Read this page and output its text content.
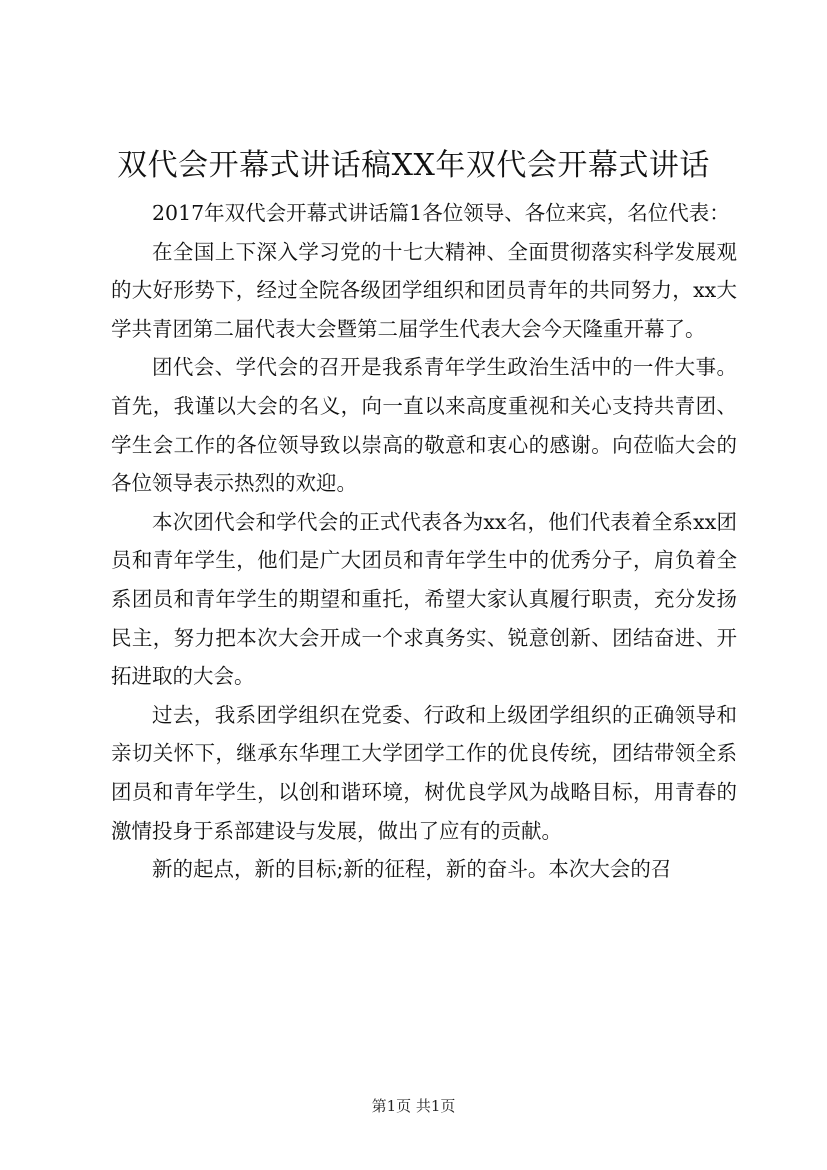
双代会开幕式讲话稿XX年双代会开幕式讲话

2017年双代会开幕式讲话篇1各位领导、各位来宾，名位代表：

在全国上下深入学习党的十七大精神、全面贯彻落实科学发展观的大好形势下，经过全院各级团学组织和团员青年的共同努力，xx大学共青团第二届代表大会暨第二届学生代表大会今天隆重开幕了。

团代会、学代会的召开是我系青年学生政治生活中的一件大事。首先，我谨以大会的名义，向一直以来高度重视和关心支持共青团、学生会工作的各位领导致以崇高的敬意和衷心的感谢。向莅临大会的各位领导表示热烈的欢迎。

本次团代会和学代会的正式代表各为xx名，他们代表着全系xx团员和青年学生，他们是广大团员和青年学生中的优秀分子，肩负着全系团员和青年学生的期望和重托，希望大家认真履行职责，充分发扬民主，努力把本次大会开成一个求真务实、锐意创新、团结奋进、开拓进取的大会。

过去，我系团学组织在党委、行政和上级团学组织的正确领导和亲切关怀下，继承东华理工大学团学工作的优良传统，团结带领全系团员和青年学生，以创和谐环境，树优良学风为战略目标，用青春的激情投身于系部建设与发展，做出了应有的贡献。

新的起点，新的目标;新的征程，新的奋斗。本次大会的召

第1页 共1页
